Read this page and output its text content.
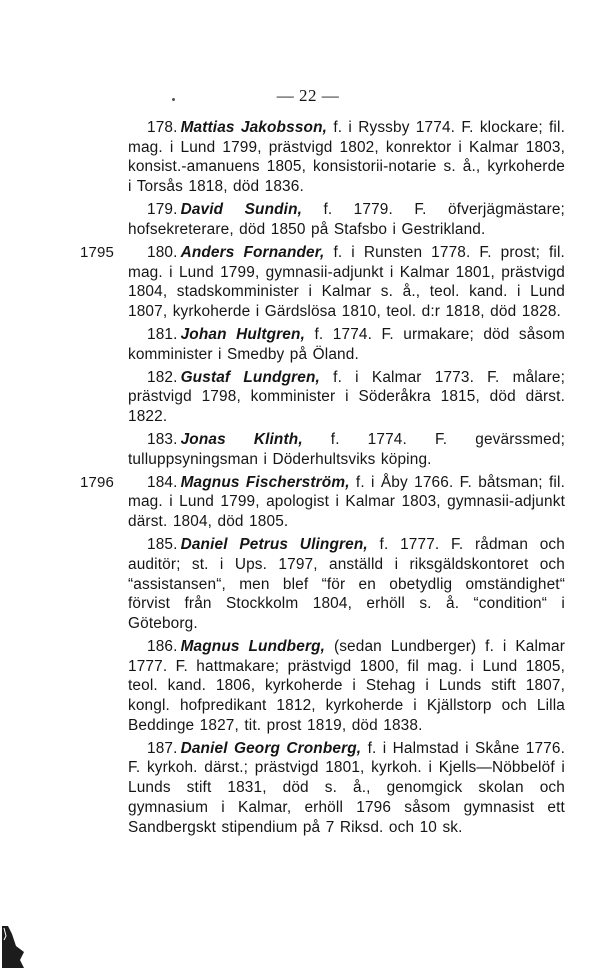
— 22 —

178. Mattias Jakobsson, f. i Ryssby 1774. F. klockare; fil. mag. i Lund 1799, prästvigd 1802, konrektor i Kalmar 1803, konsist.-amanuens 1805, konsistorii-notarie s. å., kyrkoherde i Torsås 1818, död 1836.

179. David Sundin, f. 1779. F. öfverjägmästare; hofsekreterare, död 1850 på Stafsbo i Gestrikland.

1795 180. Anders Fornander, f. i Runsten 1778. F. prost; fil. mag. i Lund 1799, gymnasii-adjunkt i Kalmar 1801, prästvigd 1804, stadskomminister i Kalmar s. å., teol. kand. i Lund 1807, kyrkoherde i Gärdslösa 1810, teol. d:r 1818, död 1828.

181. Johan Hultgren, f. 1774. F. urmakare; död såsom komminister i Smedby på Öland.

182. Gustaf Lundgren, f. i Kalmar 1773. F. målare; prästvigd 1798, komminister i Söderåkra 1815, död därst. 1822.

183. Jonas Klinth, f. 1774. F. gevärssmed; tulluppsyningsman i Döderhultsviks köping.

1796 184. Magnus Fischerström, f. i Åby 1766. F. båtsman; fil. mag. i Lund 1799, apologist i Kalmar 1803, gymnasii-adjunkt därst. 1804, död 1805.

185. Daniel Petrus Ulingren, f. 1777. F. rådman och auditör; st. i Ups. 1797, anställd i riksgäldskontoret och “assistansen“, men blef “för en obetydlig omständighet“ förvist från Stockkolm 1804, erhöll s. å. “condition“ i Göteborg.

186. Magnus Lundberg, (sedan Lundberger) f. i Kalmar 1777. F. hattmakare; prästvigd 1800, fil mag. i Lund 1805, teol. kand. 1806, kyrkoherde i Stehag i Lunds stift 1807, kongl. hofpredikant 1812, kyrkoherde i Kjällstorp och Lilla Beddinge 1827, tit. prost 1819, död 1838.

187. Daniel Georg Cronberg, f. i Halmstad i Skåne 1776. F. kyrkoh. därst.; prästvigd 1801, kyrkoh. i Kjells—Nöbbelöf i Lunds stift 1831, död s. å., genomgick skolan och gymnasium i Kalmar, erhöll 1796 såsom gymnasist ett Sandbergskt stipendium på 7 Riksd. och 10 sk.
